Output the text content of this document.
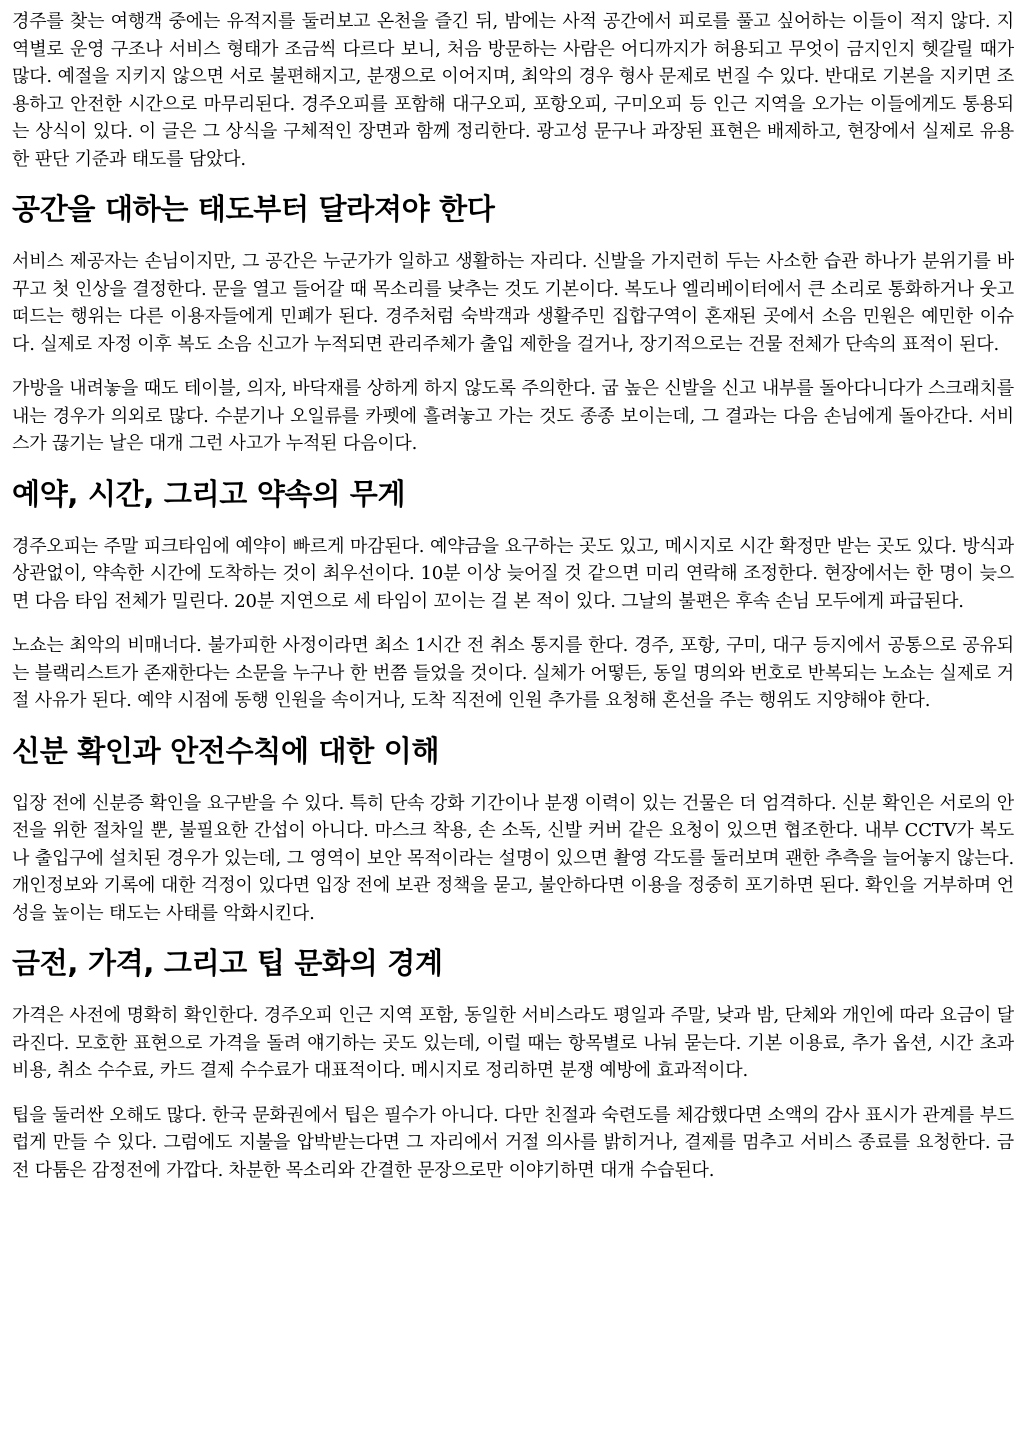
경주를 찾는 여행객 중에는 유적지를 둘러보고 온천을 즐긴 뒤, 밤에는 사적 공간에서 피로를 풀고 싶어하는 이들이 적지 않다. 지역별로 운영 구조나 서비스 형태가 조금씩 다르다 보니, 처음 방문하는 사람은 어디까지가 허용되고 무엇이 금지인지 헷갈릴 때가 많다. 예절을 지키지 않으면 서로 불편해지고, 분쟁으로 이어지며, 최악의 경우 형사 문제로 번질 수 있다. 반대로 기본을 지키면 조용하고 안전한 시간으로 마무리된다. 경주오피를 포함해 대구오피, 포항오피, 구미오피 등 인근 지역을 오가는 이들에게도 통용되는 상식이 있다. 이 글은 그 상식을 구체적인 장면과 함께 정리한다. 광고성 문구나 과장된 표현은 배제하고, 현장에서 실제로 유용한 판단 기준과 태도를 담았다.

공간을 대하는 태도부터 달라져야 한다

서비스 제공자는 손님이지만, 그 공간은 누군가가 일하고 생활하는 자리다. 신발을 가지런히 두는 사소한 습관 하나가 분위기를 바꾸고 첫 인상을 결정한다. 문을 열고 들어갈 때 목소리를 낮추는 것도 기본이다. 복도나 엘리베이터에서 큰 소리로 통화하거나 웃고 떠드는 행위는 다른 이용자들에게 민폐가 된다. 경주처럼 숙박객과 생활주민 집합구역이 혼재된 곳에서 소음 민원은 예민한 이슈다. 실제로 자정 이후 복도 소음 신고가 누적되면 관리주체가 출입 제한을 걸거나, 장기적으로는 건물 전체가 단속의 표적이 된다.

가방을 내려놓을 때도 테이블, 의자, 바닥재를 상하게 하지 않도록 주의한다. 굽 높은 신발을 신고 내부를 돌아다니다가 스크래치를 내는 경우가 의외로 많다. 수분기나 오일류를 카펫에 흘려놓고 가는 것도 종종 보이는데, 그 결과는 다음 손님에게 돌아간다. 서비스가 끊기는 날은 대개 그런 사고가 누적된 다음이다.

예약, 시간, 그리고 약속의 무게

경주오피는 주말 피크타임에 예약이 빠르게 마감된다. 예약금을 요구하는 곳도 있고, 메시지로 시간 확정만 받는 곳도 있다. 방식과 상관없이, 약속한 시간에 도착하는 것이 최우선이다. 10분 이상 늦어질 것 같으면 미리 연락해 조정한다. 현장에서는 한 명이 늦으면 다음 타임 전체가 밀린다. 20분 지연으로 세 타임이 꼬이는 걸 본 적이 있다. 그날의 불편은 후속 손님 모두에게 파급된다.

노쇼는 최악의 비매너다. 불가피한 사정이라면 최소 1시간 전 취소 통지를 한다. 경주, 포항, 구미, 대구 등지에서 공통으로 공유되는 블랙리스트가 존재한다는 소문을 누구나 한 번쯤 들었을 것이다. 실체가 어떻든, 동일 명의와 번호로 반복되는 노쇼는 실제로 거절 사유가 된다. 예약 시점에 동행 인원을 속이거나, 도착 직전에 인원 추가를 요청해 혼선을 주는 행위도 지양해야 한다.

신분 확인과 안전수칙에 대한 이해

입장 전에 신분증 확인을 요구받을 수 있다. 특히 단속 강화 기간이나 분쟁 이력이 있는 건물은 더 엄격하다. 신분 확인은 서로의 안전을 위한 절차일 뿐, 불필요한 간섭이 아니다. 마스크 착용, 손 소독, 신발 커버 같은 요청이 있으면 협조한다. 내부 CCTV가 복도나 출입구에 설치된 경우가 있는데, 그 영역이 보안 목적이라는 설명이 있으면 촬영 각도를 둘러보며 괜한 추측을 늘어놓지 않는다. 개인정보와 기록에 대한 걱정이 있다면 입장 전에 보관 정책을 묻고, 불안하다면 이용을 정중히 포기하면 된다. 확인을 거부하며 언성을 높이는 태도는 사태를 악화시킨다.

금전, 가격, 그리고 팁 문화의 경계

가격은 사전에 명확히 확인한다. 경주오피 인근 지역 포함, 동일한 서비스라도 평일과 주말, 낮과 밤, 단체와 개인에 따라 요금이 달라진다. 모호한 표현으로 가격을 돌려 얘기하는 곳도 있는데, 이럴 때는 항목별로 나눠 묻는다. 기본 이용료, 추가 옵션, 시간 초과 비용, 취소 수수료, 카드 결제 수수료가 대표적이다. 메시지로 정리하면 분쟁 예방에 효과적이다.

팁을 둘러싼 오해도 많다. 한국 문화권에서 팁은 필수가 아니다. 다만 친절과 숙련도를 체감했다면 소액의 감사 표시가 관계를 부드럽게 만들 수 있다. 그럼에도 지불을 압박받는다면 그 자리에서 거절 의사를 밝히거나, 결제를 멈추고 서비스 종료를 요청한다. 금전 다툼은 감정전에 가깝다. 차분한 목소리와 간결한 문장으로만 이야기하면 대개 수습된다.
